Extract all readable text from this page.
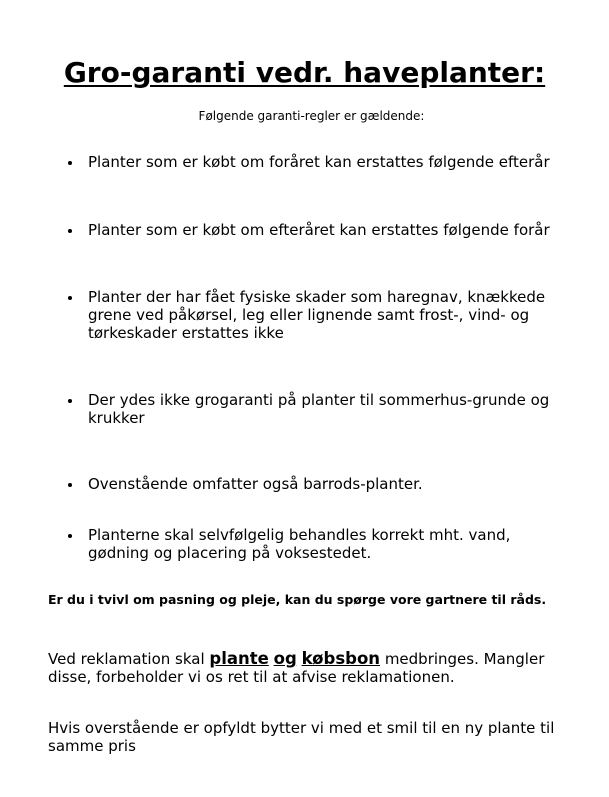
Gro-garanti vedr. haveplanter:

Følgende garanti-regler er gældende:

Planter som er købt om foråret kan erstattes følgende efterår
Planter som er købt om efteråret kan erstattes følgende forår
Planter der har fået fysiske skader som haregnav, knækkede grene ved påkørsel, leg eller lignende samt frost-, vind- og tørkeskader erstattes ikke
Der ydes ikke grogaranti på planter til sommerhus-grunde og krukker
Ovenstående omfatter også barrods-planter.
Planterne skal selvfølgelig behandles korrekt mht. vand, gødning og placering på voksestedet.

Er du i tvivl om pasning og pleje, kan du spørge vore gartnere til råds.

Ved reklamation skal plante og købsbon medbringes. Mangler disse, forbeholder vi os ret til at afvise reklamationen.

Hvis overstående er opfyldt bytter vi med et smil til en ny plante til samme pris
